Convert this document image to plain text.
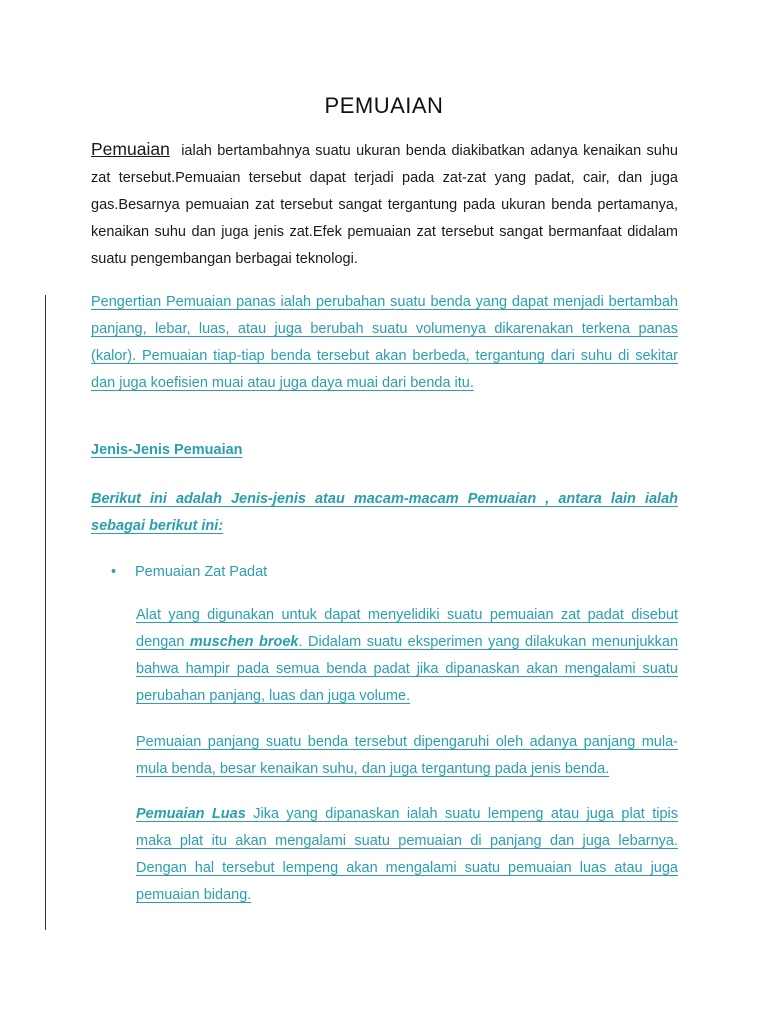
PEMUAIAN
Pemuaian ialah bertambahnya suatu ukuran benda diakibatkan adanya kenaikan suhu zat tersebut.Pemuaian tersebut dapat terjadi pada zat-zat yang padat, cair, dan juga gas.Besarnya pemuaian zat tersebut sangat tergantung pada ukuran benda pertamanya, kenaikan suhu dan juga jenis zat.Efek pemuaian zat tersebut sangat bermanfaat didalam suatu pengembangan berbagai teknologi.
Pengertian Pemuaian panas ialah perubahan suatu benda yang dapat menjadi bertambah panjang, lebar, luas, atau juga berubah suatu volumenya dikarenakan terkena panas (kalor). Pemuaian tiap-tiap benda tersebut akan berbeda, tergantung dari suhu di sekitar dan juga koefisien muai atau juga daya muai dari benda itu.
Jenis-Jenis Pemuaian
Berikut ini adalah Jenis-jenis atau macam-macam Pemuaian , antara lain ialah sebagai berikut ini:
• Pemuaian Zat Padat
Alat yang digunakan untuk dapat menyelidiki suatu pemuaian zat padat disebut dengan muschen broek. Didalam suatu eksperimen yang dilakukan menunjukkan bahwa hampir pada semua benda padat jika dipanaskan akan mengalami suatu perubahan panjang, luas dan juga volume.
Pemuaian panjang suatu benda tersebut dipengaruhi oleh adanya panjang mula-mula benda, besar kenaikan suhu, dan juga tergantung pada jenis benda.
Pemuaian Luas Jika yang dipanaskan ialah suatu lempeng atau juga plat tipis maka plat itu akan mengalami suatu pemuaian di panjang dan juga lebarnya. Dengan hal tersebut lempeng akan mengalami suatu pemuaian luas atau juga pemuaian bidang.
